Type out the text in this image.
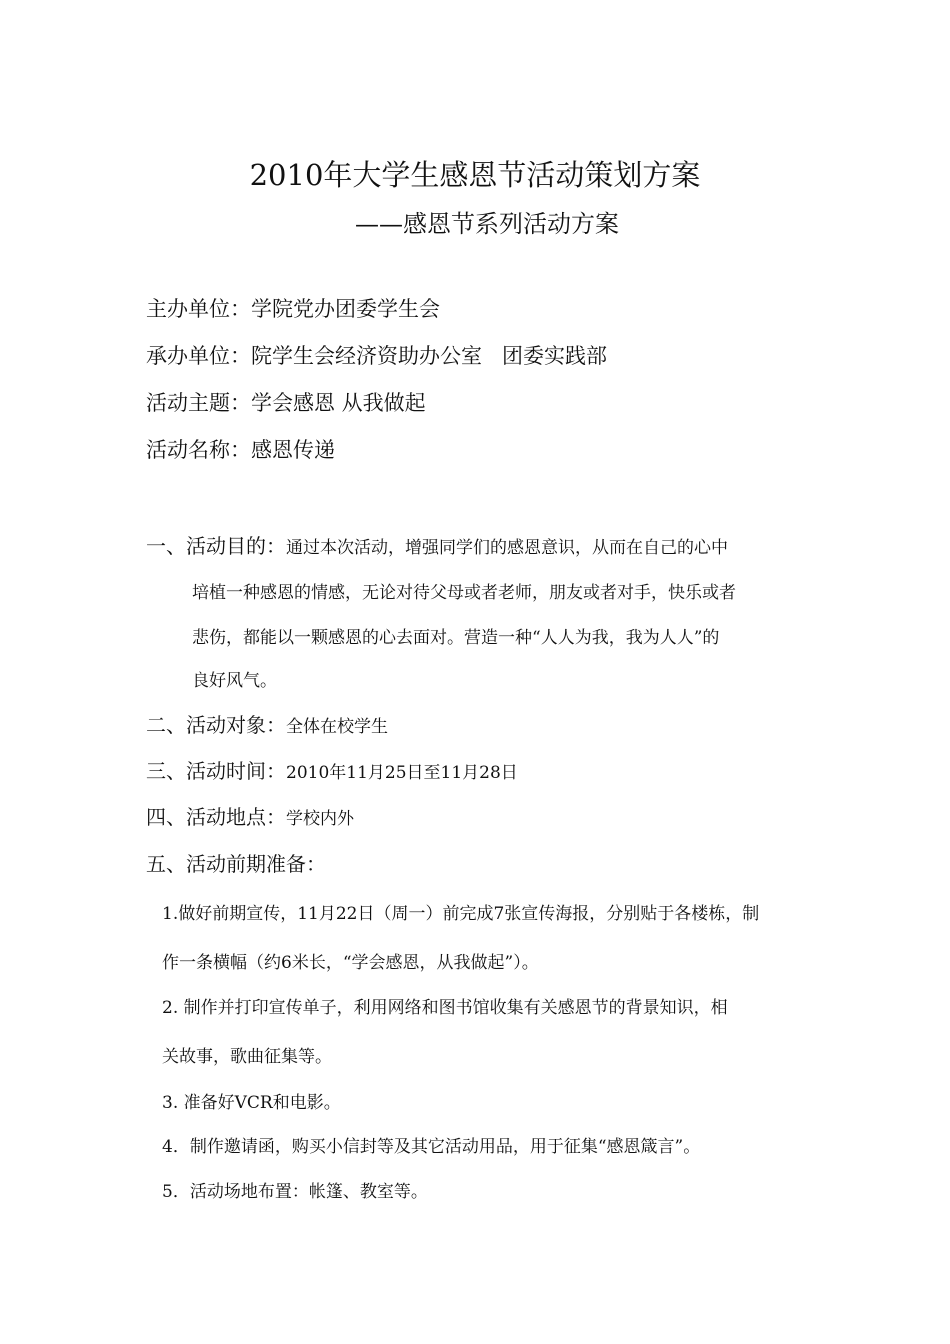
2010年大学生感恩节活动策划方案
——感恩节系列活动方案
主办单位：学院党办团委学生会
承办单位：院学生会经济资助办公室   团委实践部
活动主题：学会感恩 从我做起
活动名称：感恩传递
一、活动目的：通过本次活动，增强同学们的感恩意识，从而在自己的心中
培植一种感恩的情感，无论对待父母或者老师，朋友或者对手，快乐或者
悲伤，都能以一颗感恩的心去面对。营造一种“人人为我，我为人人”的
良好风气。
二、活动对象：全体在校学生
三、活动时间：2010年11月25日至11月28日
四、活动地点：学校内外
五、活动前期准备：
1.做好前期宣传，11月22日（周一）前完成7张宣传海报，分别贴于各楼栋，制
作一条横幅（约6米长，“学会感恩，从我做起”）。
2. 制作并打印宣传单子，利用网络和图书馆收集有关感恩节的背景知识，相
关故事，歌曲征集等。
3. 准备好VCR和电影。
4．制作邀请函，购买小信封等及其它活动用品，用于征集“感恩箴言”。
5．活动场地布置：帐篷、教室等。
